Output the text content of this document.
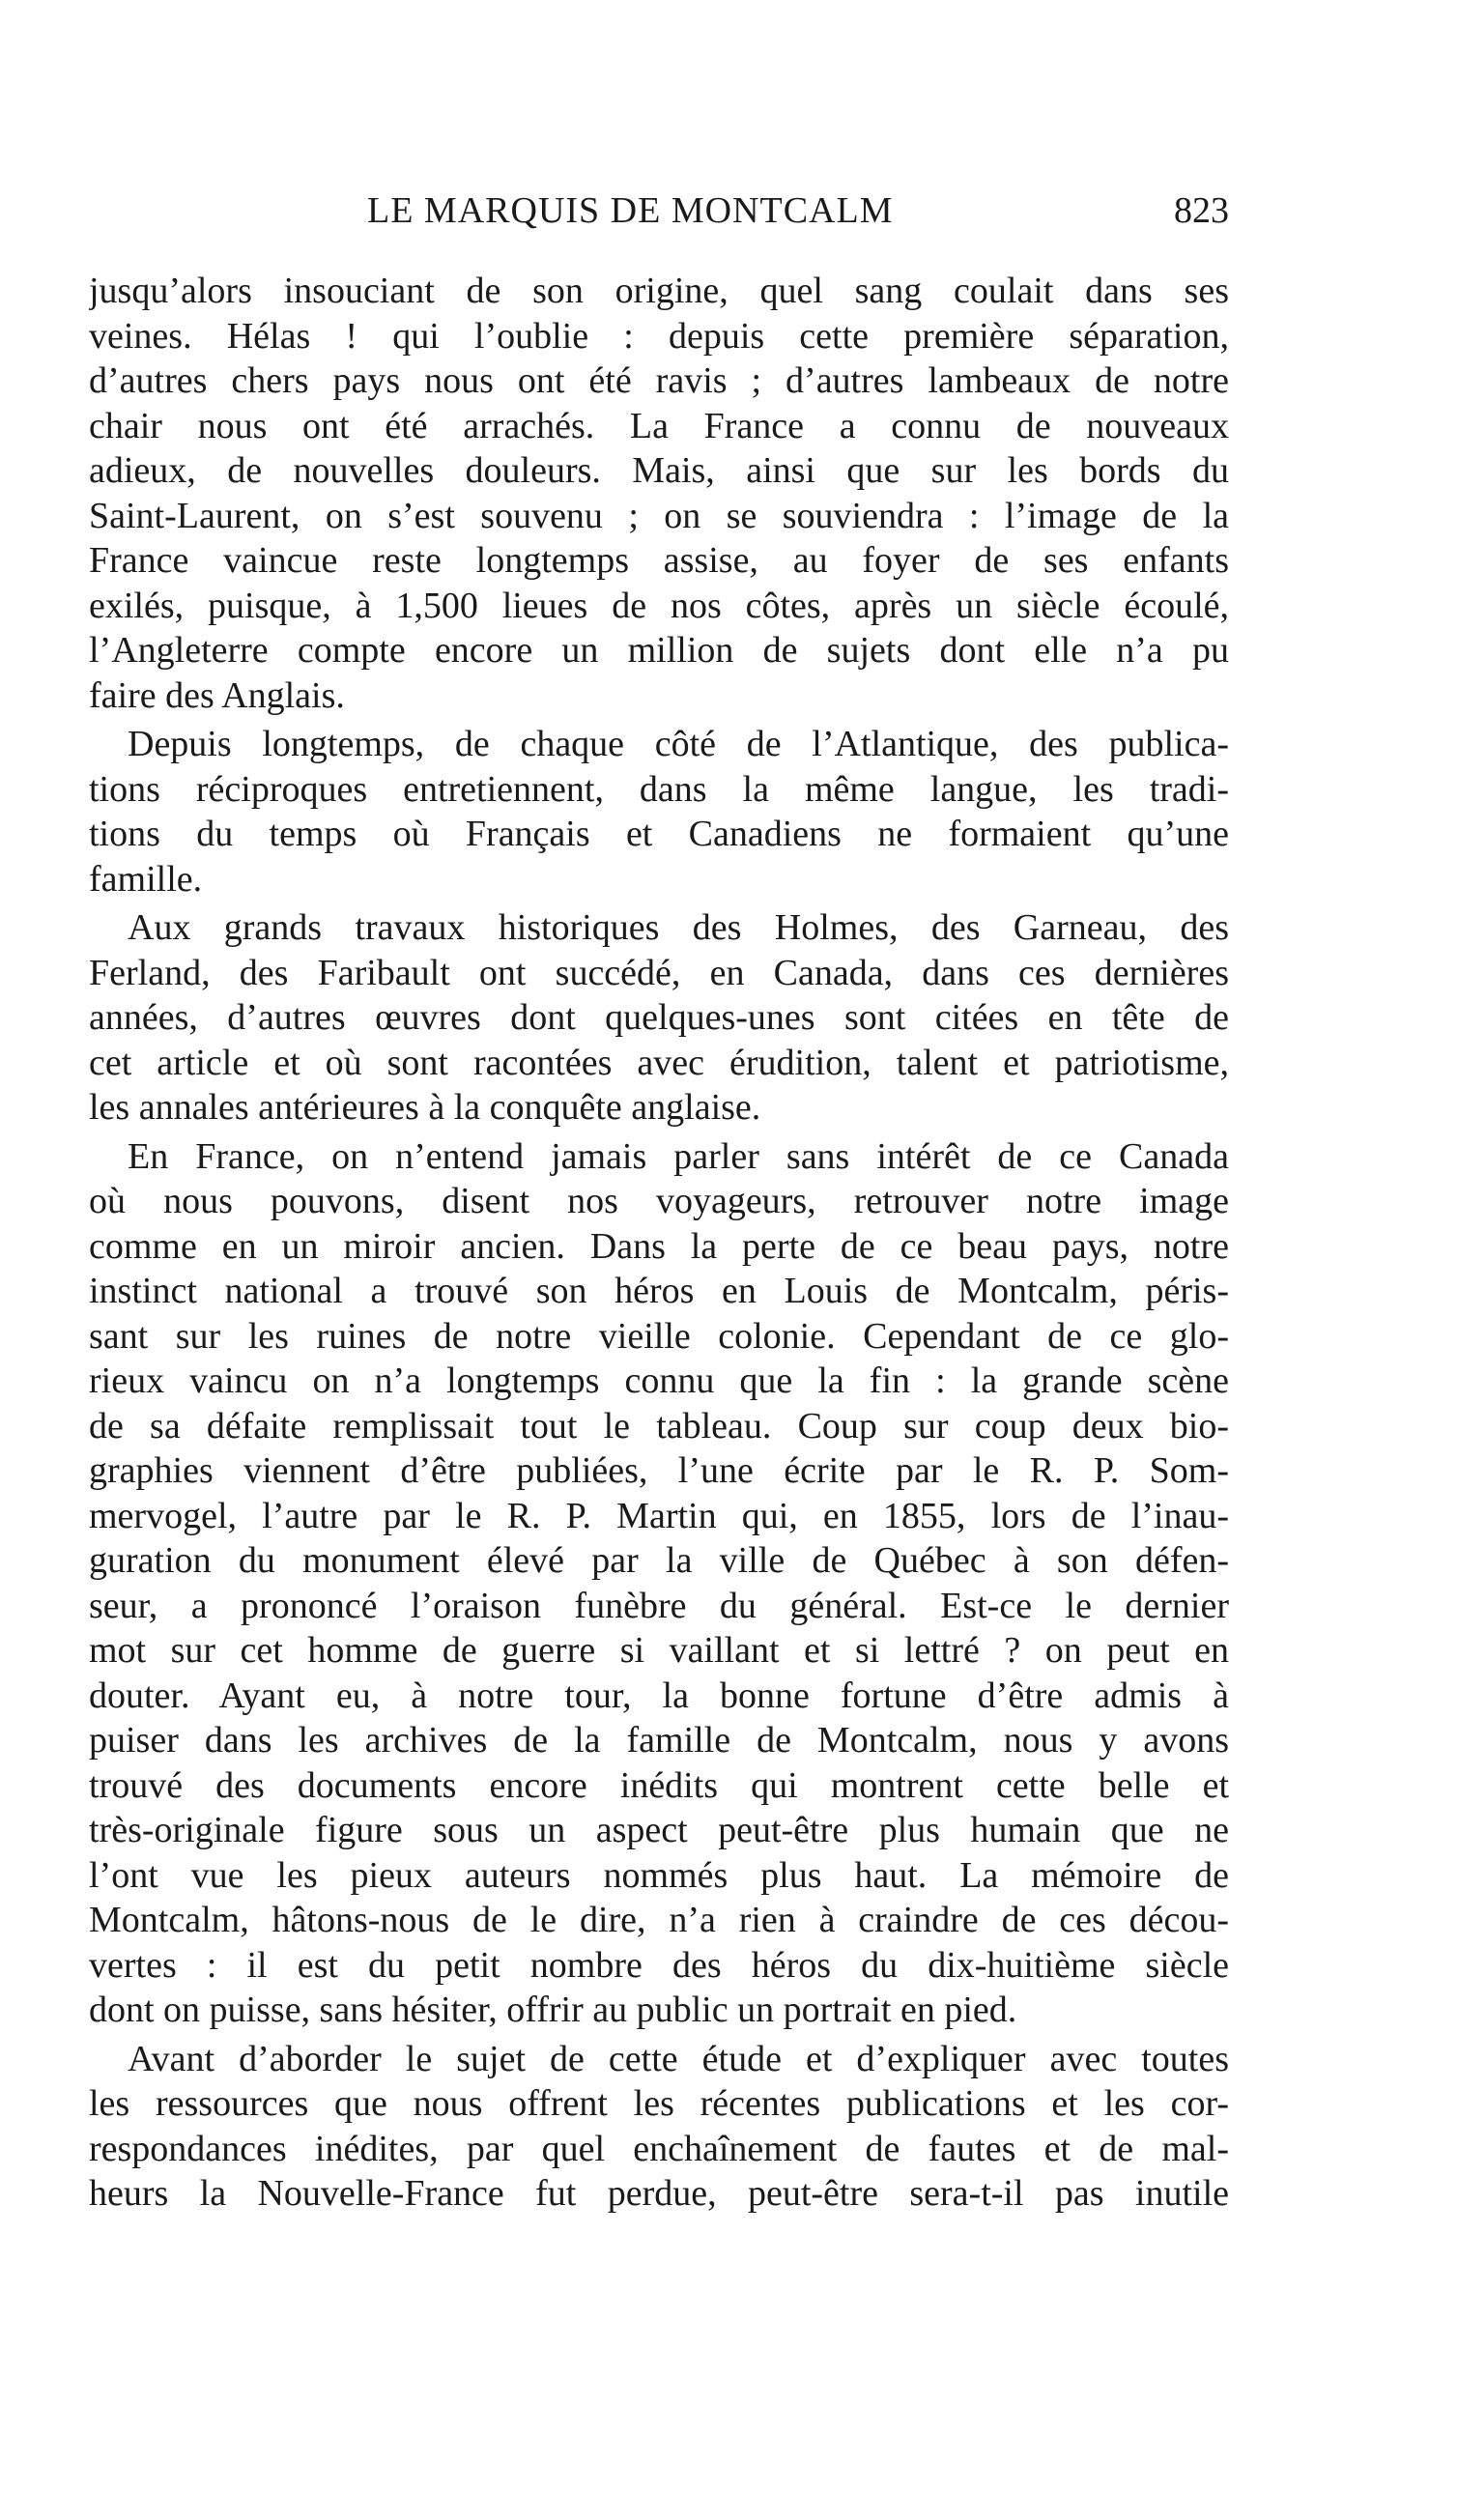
LE MARQUIS DE MONTCALM	823
jusqu’alors insouciant de son origine, quel sang coulait dans ses
veines. Hélas ! qui l’oublie : depuis cette première séparation,
d’autres chers pays nous ont été ravis ; d’autres lambeaux de notre
chair nous ont été arrachés. La France a connu de nouveaux
adieux, de nouvelles douleurs. Mais, ainsi que sur les bords du
Saint-Laurent, on s’est souvenu ; on se souviendra : l’image de la
France vaincue reste longtemps assise, au foyer de ses enfants
exilés, puisque, à 1,500 lieues de nos côtes, après un siècle écoulé,
l’Angleterre compte encore un million de sujets dont elle n’a pu
faire des Anglais.
Depuis longtemps, de chaque côté de l’Atlantique, des publica-
tions réciproques entretiennent, dans la même langue, les tradi-
tions du temps où Français et Canadiens ne formaient qu’une
famille.
Aux grands travaux historiques des Holmes, des Garneau, des
Ferland, des Faribault ont succédé, en Canada, dans ces dernières
années, d’autres œuvres dont quelques-unes sont citées en tête de
cet article et où sont racontées avec érudition, talent et patriotisme,
les annales antérieures à la conquête anglaise.
En France, on n’entend jamais parler sans intérêt de ce Canada
où nous pouvons, disent nos voyageurs, retrouver notre image
comme en un miroir ancien. Dans la perte de ce beau pays, notre
instinct national a trouvé son héros en Louis de Montcalm, péris-
sant sur les ruines de notre vieille colonie. Cependant de ce glo-
rieux vaincu on n’a longtemps connu que la fin : la grande scène
de sa défaite remplissait tout le tableau. Coup sur coup deux bio-
graphies viennent d’être publiées, l’une écrite par le R. P. Som-
mervogel, l’autre par le R. P. Martin qui, en 1855, lors de l’inau-
guration du monument élevé par la ville de Québec à son défen-
seur, a prononcé l’oraison funèbre du général. Est-ce le dernier
mot sur cet homme de guerre si vaillant et si lettré ? on peut en
douter. Ayant eu, à notre tour, la bonne fortune d’être admis à
puiser dans les archives de la famille de Montcalm, nous y avons
trouvé des documents encore inédits qui montrent cette belle et
très-originale figure sous un aspect peut-être plus humain que ne
l’ont vue les pieux auteurs nommés plus haut. La mémoire de
Montcalm, hâtons-nous de le dire, n’a rien à craindre de ces décou-
vertes : il est du petit nombre des héros du dix-huitième siècle
dont on puisse, sans hésiter, offrir au public un portrait en pied.
Avant d’aborder le sujet de cette étude et d’expliquer avec toutes
les ressources que nous offrent les récentes publications et les cor-
respondances inédites, par quel enchaînement de fautes et de mal-
heurs la Nouvelle-France fut perdue, peut-être sera-t-il pas inutile
